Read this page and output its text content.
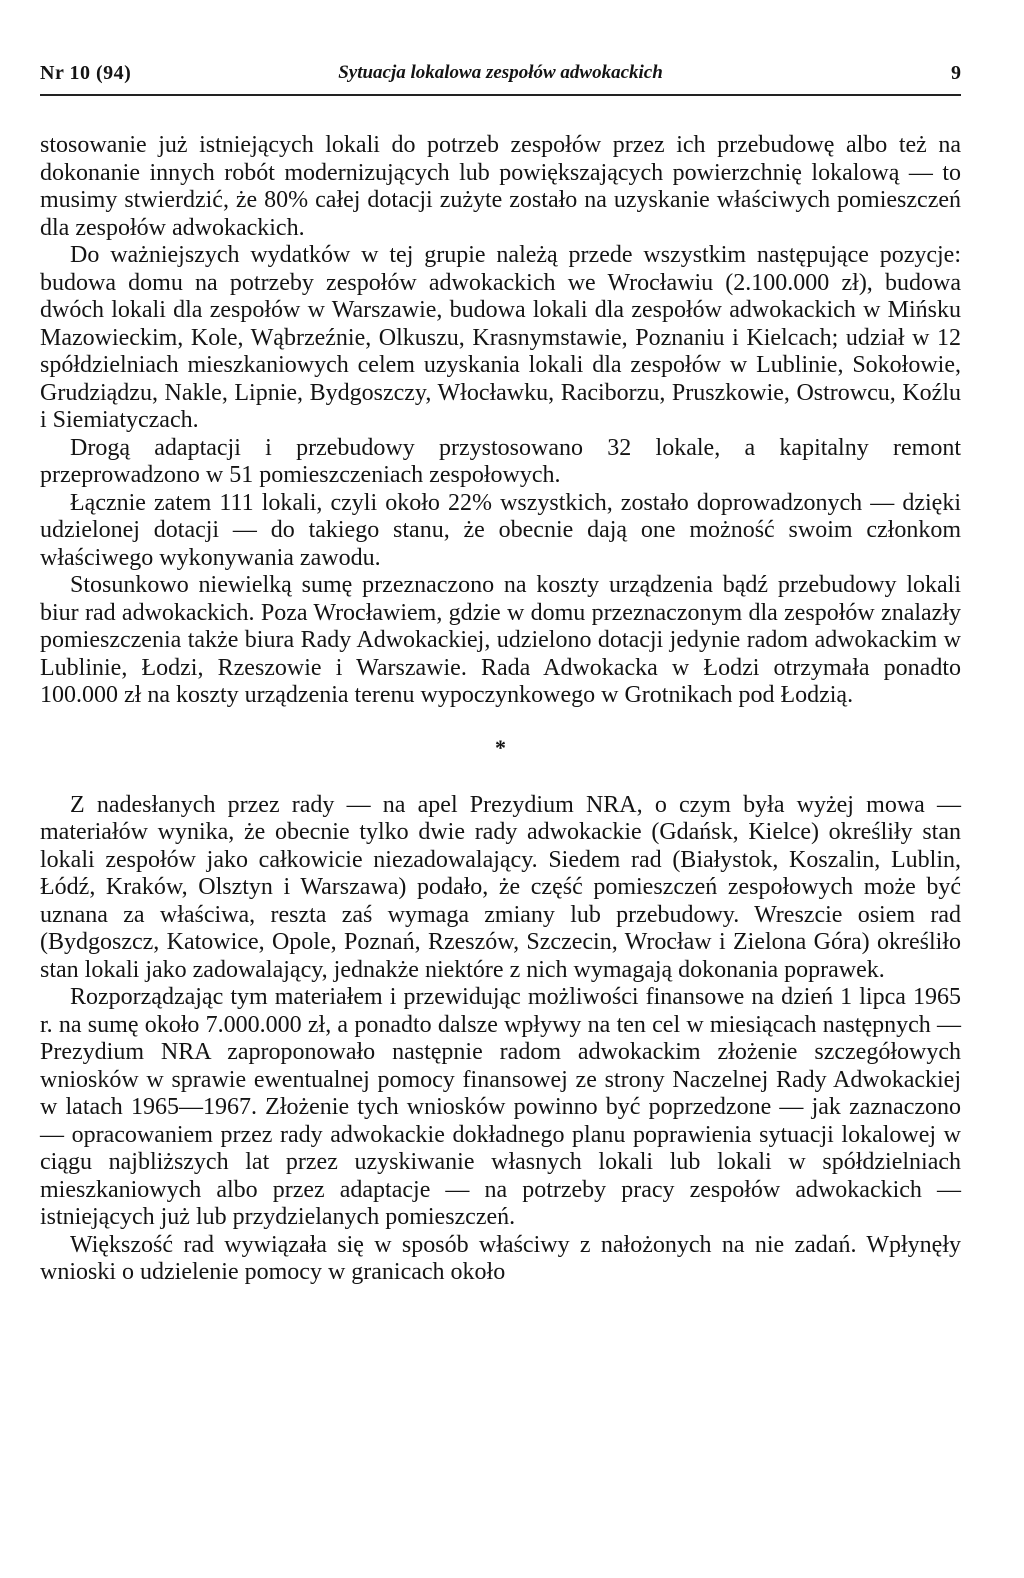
Nr 10 (94)	Sytuacja lokalowa zespołów adwokackich	9

stosowanie już istniejących lokali do potrzeb zespołów przez ich przebudowę albo też na dokonanie innych robót modernizujących lub powiększających powierzchnię lokalową — to musimy stwierdzić, że 80% całej dotacji zużyte zostało na uzyskanie właściwych pomieszczeń dla zespołów adwokackich.

Do ważniejszych wydatków w tej grupie należą przede wszystkim następujące pozycje: budowa domu na potrzeby zespołów adwokackich we Wrocławiu (2.100.000 zł), budowa dwóch lokali dla zespołów w Warszawie, budowa lokali dla zespołów adwokackich w Mińsku Mazowieckim, Kole, Wąbrzeźnie, Olkuszu, Krasnymstawie, Poznaniu i Kielcach; udział w 12 spółdzielniach mieszkaniowych celem uzyskania lokali dla zespołów w Lublinie, Sokołowie, Grudziądzu, Nakle, Lipnie, Bydgoszczy, Włocławku, Raciborzu, Pruszkowie, Ostrowcu, Koźlu i Siemiatyczach.

Drogą adaptacji i przebudowy przystosowano 32 lokale, a kapitalny remont przeprowadzono w 51 pomieszczeniach zespołowych.

Łącznie zatem 111 lokali, czyli około 22% wszystkich, zostało doprowadzonych — dzięki udzielonej dotacji — do takiego stanu, że obecnie dają one możność swoim członkom właściwego wykonywania zawodu.

Stosunkowo niewielką sumę przeznaczono na koszty urządzenia bądź przebudowy lokali biur rad adwokackich. Poza Wrocławiem, gdzie w domu przeznaczonym dla zespołów znalazły pomieszczenia także biura Rady Adwokackiej, udzielono dotacji jedynie radom adwokackim w Lublinie, Łodzi, Rzeszowie i Warszawie. Rada Adwokacka w Łodzi otrzymała ponadto 100.000 zł na koszty urządzenia terenu wypoczynkowego w Grotnikach pod Łodzią.

*

Z nadesłanych przez rady — na apel Prezydium NRA, o czym była wyżej mowa — materiałów wynika, że obecnie tylko dwie rady adwokackie (Gdańsk, Kielce) określiły stan lokali zespołów jako całkowicie niezadowalający. Siedem rad (Białystok, Koszalin, Lublin, Łódź, Kraków, Olsztyn i Warszawa) podało, że część pomieszczeń zespołowych może być uznana za właściwa, reszta zaś wymaga zmiany lub przebudowy. Wreszcie osiem rad (Bydgoszcz, Katowice, Opole, Poznań, Rzeszów, Szczecin, Wrocław i Zielona Góra) określiło stan lokali jako zadowalający, jednakże niektóre z nich wymagają dokonania poprawek.

Rozporządzając tym materiałem i przewidując możliwości finansowe na dzień 1 lipca 1965 r. na sumę około 7.000.000 zł, a ponadto dalsze wpływy na ten cel w miesiącach następnych — Prezydium NRA zaproponowało następnie radom adwokackim złożenie szczegółowych wniosków w sprawie ewentualnej pomocy finansowej ze strony Naczelnej Rady Adwokackiej w latach 1965—1967. Złożenie tych wniosków powinno być poprzedzone — jak zaznaczono — opracowaniem przez rady adwokackie dokładnego planu poprawienia sytuacji lokalowej w ciągu najbliższych lat przez uzyskiwanie własnych lokali lub lokali w spółdzielniach mieszkaniowych albo przez adaptacje — na potrzeby pracy zespołów adwokackich — istniejących już lub przydzielanych pomieszczeń.

Większość rad wywiązała się w sposób właściwy z nałożonych na nie zadań. Wpłynęły wnioski o udzielenie pomocy w granicach około
